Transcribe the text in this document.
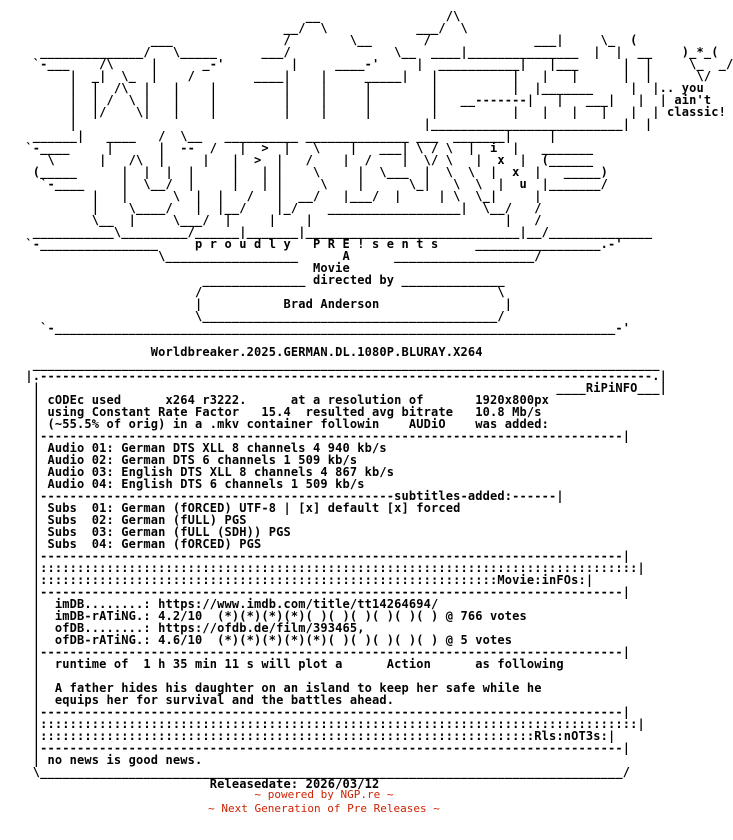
__                 /\
__/  \            ___/  \
___               /        \__       /              ___|     \_  (
______________/   \_____      ___/              \__  ____|_______________  |  |  __    )_*_(
`-___    /\     |      _-'         |     ____-'     |  ___________|   |___      |  |     \_  _/
|  _|  \_  |    /        ____|    |     _____|   |          |   |   |      |  |      \/
|  |  /\  |   |    |         |    |     |        |          |  |_______     |  |.. you
|  | /  \ |   |    |         |    |     |        |   __-------|   |   ___|   |  | ain't
|  |/    \|   |    |         |    |     |        |          |   |   |   |   |  | classic!
|                                               |__________________________|  |
______|   ____   /  \__   __________ ______________ ___  _______|     |
`-____     |      |  --  /   |  >  |   \    |   ___| \ / \  |  i  |   _______
\      |   /\  |     |   |  >  |   /    |  /    |  \/ \   |  x  |  (______
(_____      |  |  |  |     |   | |    \     |  \___  |  \  \  |  x  |   _____)
`-____     |  \__/  |     |   | |     \    |      \_|   \  \  |  u  |_______/
|   |      \  |  |   /   |  __/   |___/  |     | \  \_|     |
|    \____/   |  |__/    |_/    __________________|  \__/   /
\__  |     \___/  |     |    |                          |   /
___________\_________/______|_______|_____________________________|__/______________
`-________________     p r o u d l y   P R E ! s e n t s     _________________.-'
\__________________      A      ___________________/
Movie
______________ directed by ______________
/                                        \
|           Brad Anderson                 |
\________________________________________/
`-____________________________________________________________________________-'
Worldbreaker.2025.GERMAN.DL.1080P.BLURAY.X264
_____________________________________________________________________________________
|.-----------------------------------------------------------------------------------.|
|                                                                      ____RiPiNFO___|
| cODEc used      x264 r3222.      at a resolution of       1920x800px
| using Constant Rate Factor   15.4  resulted avg bitrate   10.8 Mb/s
| (~55.5% of orig) in a .mkv container followin    AUDiO    was added:
|-------------------------------------------------------------------------------|
| Audio 01: German DTS XLL 8 channels 4 940 kb/s
| Audio 02: German DTS 6 channels 1 509 kb/s
| Audio 03: English DTS XLL 8 channels 4 867 kb/s
| Audio 04: English DTS 6 channels 1 509 kb/s
|------------------------------------------------subtitles-added:------|
| Subs  01: German (fORCED) UTF-8 | [x] default [x] forced
| Subs  02: German (fULL) PGS
| Subs  03: German (fULL (SDH)) PGS
| Subs  04: German (fORCED) PGS
|-------------------------------------------------------------------------------|
|:::::::::::::::::::::::::::::::::::::::::::::::::::::::::::::::::::::::::::::::::|
|::::::::::::::::::::::::::::::::::::::::::::::::::::::::::::::Movie:inFOs:|
|-------------------------------------------------------------------------------|
|  imDB........: https://www.imdb.com/title/tt14264694/
|  imDB-rATiNG.: 4.2/10  (*)(*)(*)(*)( )( )( )( )( )( ) @ 766 votes
|  ofDB........: https://ofdb.de/film/393465,
|  ofDB-rATiNG.: 4.6/10  (*)(*)(*)(*)(*)( )( )( )( )( ) @ 5 votes
|-------------------------------------------------------------------------------|
|  runtime of  1 h 35 min 11 s will plot a      Action      as following
|
|  A father hides his daughter on an island to keep her safe while he
|  equips her for survival and the battles ahead.
|-------------------------------------------------------------------------------|
|:::::::::::::::::::::::::::::::::::::::::::::::::::::::::::::::::::::::::::::::::|
|:::::::::::::::::::::::::::::::::::::::::::::::::::::::::::::::::::Rls:nOT3s:|
|-------------------------------------------------------------------------------|
| no news is good news.
\_______________________________________________________________________________/
Releasedate: 2026/03/12
~ powered by NGP.re ~
~ Next Generation of Pre Releases ~
